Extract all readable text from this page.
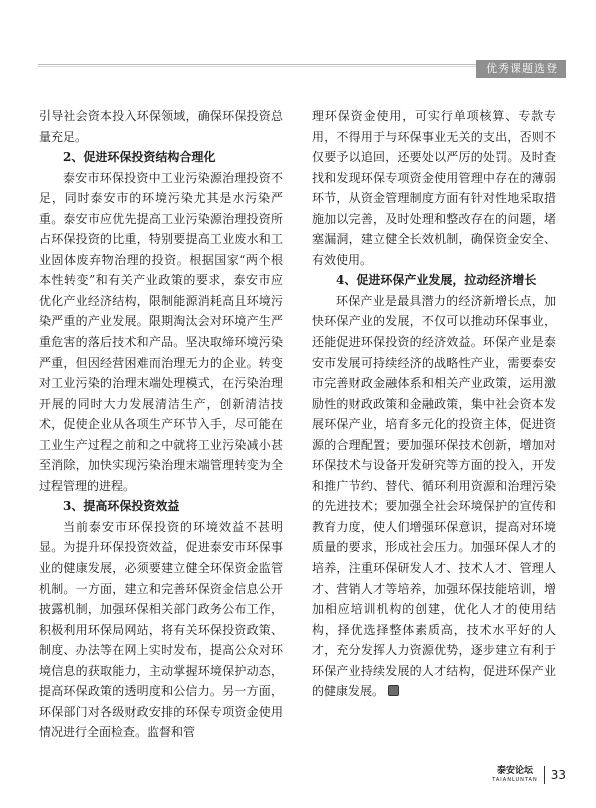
优秀课题选登

引导社会资本投入环保领域，确保环保投资总量充足。

2、促进环保投资结构合理化

泰安市环保投资中工业污染源治理投资不足，同时泰安市的环境污染尤其是水污染严重。泰安市应优先提高工业污染源治理投资所占环保投资的比重，特别要提高工业废水和工业固体废弃物治理的投资。根据国家“两个根本性转变”和有关产业政策的要求，泰安市应优化产业经济结构，限制能源消耗高且环境污染严重的产业发展。限期淘汰会对环境产生严重危害的落后技术和产品。坚决取缔环境污染严重，但因经营困难而治理无力的企业。转变对工业污染的治理末端处理模式，在污染治理开展的同时大力发展清洁生产，创新清洁技术，促使企业从各项生产环节入手，尽可能在工业生产过程之前和之中就将工业污染减小甚至消除，加快实现污染治理末端管理转变为全过程管理的进程。

3、提高环保投资效益

当前泰安市环保投资的环境效益不甚明显。为提升环保投资效益，促进泰安市环保事业的健康发展，必须要建立健全环保资金监管机制。一方面，建立和完善环保资金信息公开披露机制，加强环保相关部门政务公布工作，积极利用环保局网站，将有关环保投资政策、制度、办法等在网上实时发布，提高公众对环境信息的获取能力，主动掌握环境保护动态，提高环保政策的透明度和公信力。另一方面，环保部门对各级财政安排的环保专项资金使用情况进行全面检查。监督和管

理环保资金使用，可实行单项核算、专款专用，不得用于与环保事业无关的支出，否则不仅要予以追回，还要处以严厉的处罚。及时查找和发现环保专项资金使用管理中存在的薄弱环节，从资金管理制度方面有针对性地采取措施加以完善，及时处理和整改存在的问题，堵塞漏洞，建立健全长效机制，确保资金安全、有效使用。

4、促进环保产业发展，拉动经济增长

环保产业是最具潜力的经济新增长点，加快环保产业的发展，不仅可以推动环保事业，还能促进环保投资的经济效益。环保产业是泰安市发展可持续经济的战略性产业，需要泰安市完善财政金融体系和相关产业政策，运用激励性的财政政策和金融政策，集中社会资本发展环保产业，培育多元化的投资主体，促进资源的合理配置；要加强环保技术创新，增加对环保技术与设备开发研究等方面的投入，开发和推广节约、替代、循环利用资源和治理污染的先进技术；要加强全社会环境保护的宣传和教育力度，使人们增强环保意识，提高对环境质量的要求，形成社会压力。加强环保人才的培养，注重环保研发人才、技术人才、管理人才、营销人才等培养，加强环保技能培训，增加相应培训机构的创建，优化人才的使用结构，择优选择整体素质高，技术水平好的人才，充分发挥人力资源优势，逐步建立有利于环保产业持续发展的人才结构，促进环保产业的健康发展。

泰安论坛
TAIANLUNTAN 33
